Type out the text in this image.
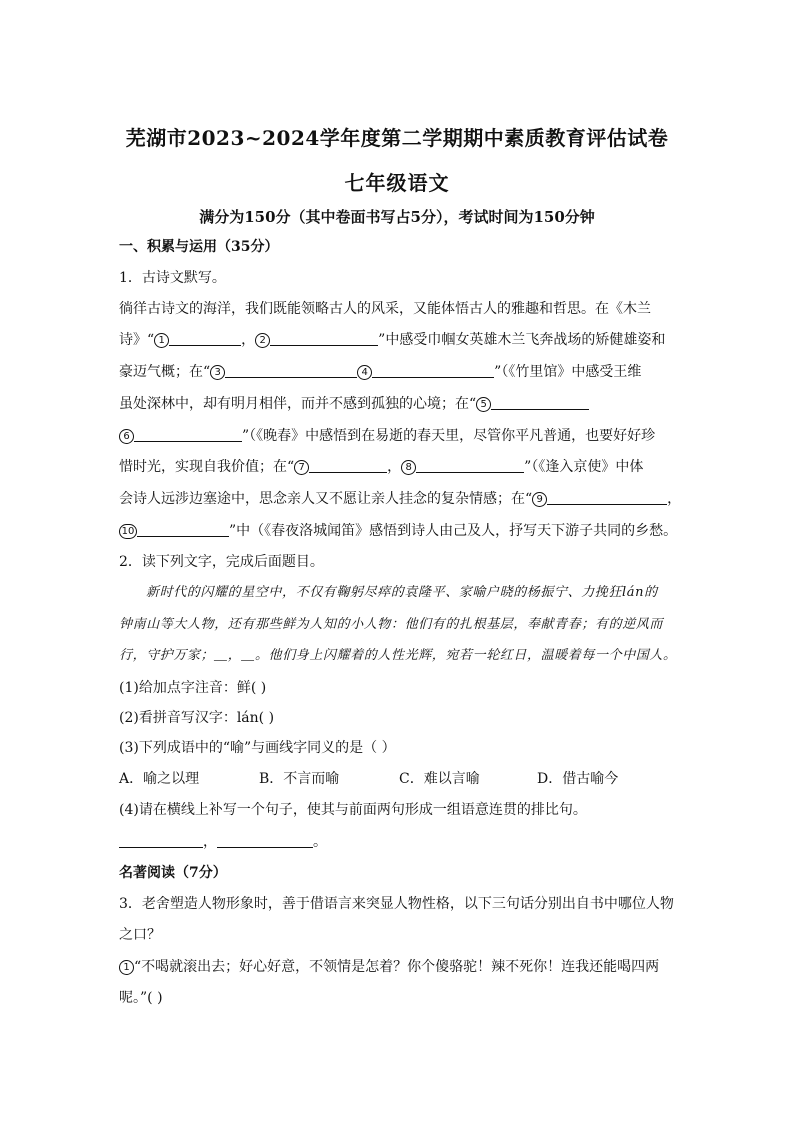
芜湖市2023~2024学年度第二学期期中素质教育评估试卷
七年级语文
满分为150分（其中卷面书写占5分），考试时间为150分钟
一、积累与运用（35分）
1．古诗文默写。
徜徉古诗文的海洋，我们既能领略古人的风采，又能体悟古人的雅趣和哲思。在《木兰
诗》“ 1	， 2	”中感受巾帼女英雄木兰飞奔战场的矫健雄姿和
豪迈气概；在“ 3	4	”（《竹里馆》中感受王维
虽处深林中，却有明月相伴，而并不感到孤独的心境；在“ 5
6	”（《晚春》中感悟到在易逝的春天里，尽管你平凡普通，也要好好珍
惜时光，实现自我价值；在“ 7	， 8	”（《逢入京使》中体
会诗人远涉边塞途中，思念亲人又不愿让亲人挂念的复杂情感；在“ 9	，
10	”中（《春夜洛城闻笛》感悟到诗人由己及人，抒写天下游子共同的乡愁。
2．读下列文字，完成后面题目。
新时代的闪耀的星空中，不仅有鞠躬尽瘁的袁隆平、家喻户晓的杨振宁、力挽狂lán的
钟南山等大人物，还有那些鲜为人知的小人物：他们有的扎根基层，奉献青春；有的逆风而
行，守护万家；＿，＿。他们身上闪耀着的人性光辉，宛若一轮红日，温暖着每一个中国人。
(1)给加点字注音：鲜( )
(2)看拼音写汉字：lán( )
(3)下列成语中的“喻”与画线字同义的是（ ）
A．喻之以理	B．不言而喻	C．难以言喻	D．借古喻今
(4)请在横线上补写一个句子，使其与前面两句形成一组语意连贯的排比句。
，	。
名著阅读（7分）
3．老舍塑造人物形象时，善于借语言来突显人物性格，以下三句话分别出自书中哪位人物
之口？
1 “不喝就滚出去；好心好意，不领情是怎着？你个傻骆驼！辣不死你！连我还能喝四两
呢。”( )
